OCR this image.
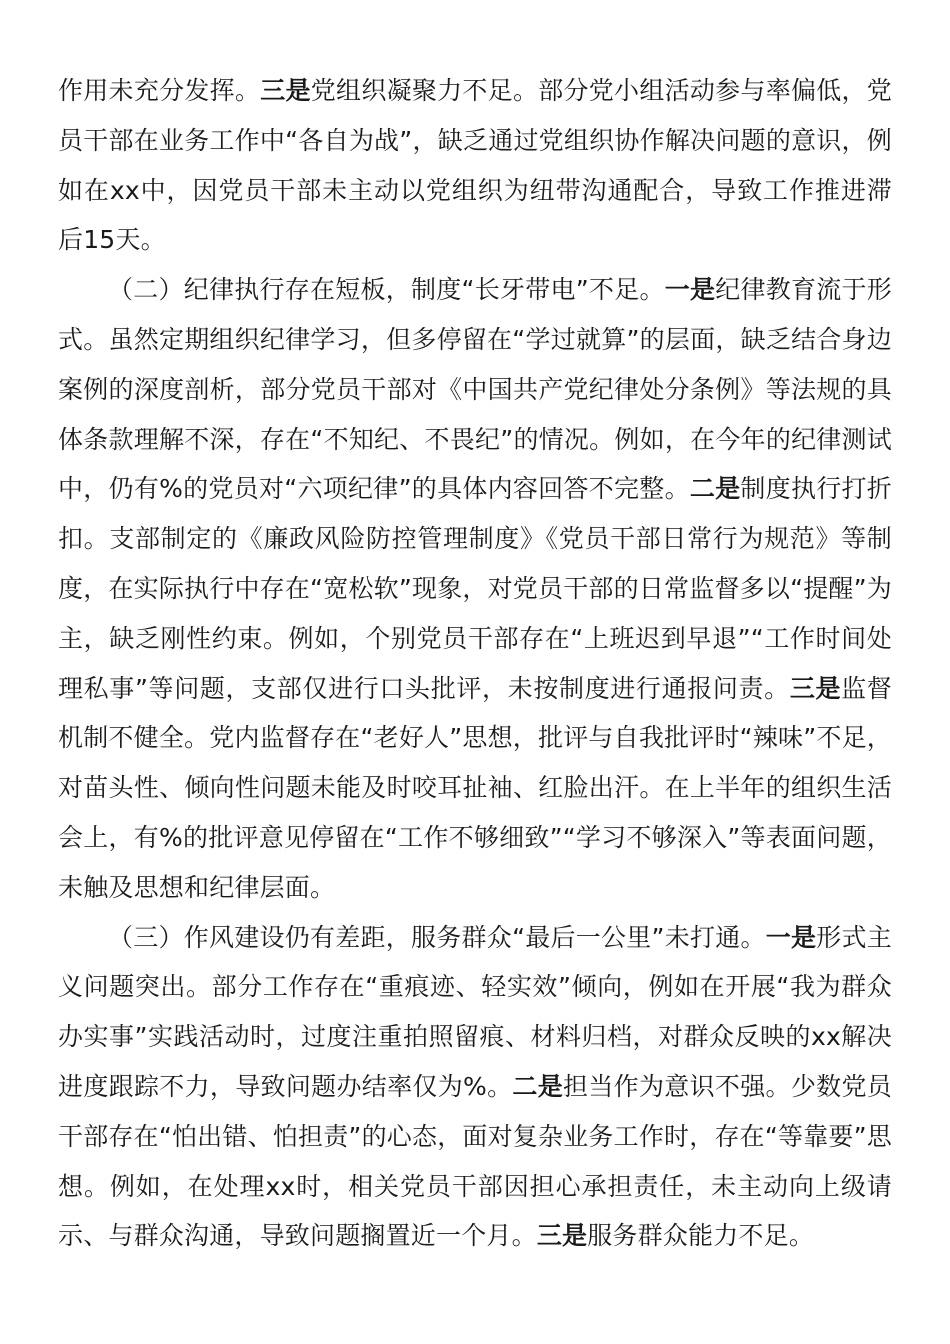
作用未充分发挥。三是党组织凝聚力不足。部分党小组活动参与率偏低，党员干部在业务工作中“各自为战”，缺乏通过党组织协作解决问题的意识，例如在xx中，因党员干部未主动以党组织为纽带沟通配合，导致工作推进滞后15天。

（二）纪律执行存在短板，制度“长牙带电”不足。一是纪律教育流于形式。虽然定期组织纪律学习，但多停留在“学过就算”的层面，缺乏结合身边案例的深度剖析，部分党员干部对《中国共产党纪律处分条例》等法规的具体条款理解不深，存在“不知纪、不畏纪”的情况。例如，在今年的纪律测试中，仍有%的党员对“六项纪律”的具体内容回答不完整。二是制度执行打折扣。支部制定的《廉政风险防控管理制度》《党员干部日常行为规范》等制度，在实际执行中存在“宽松软”现象，对党员干部的日常监督多以“提醒”为主，缺乏刚性约束。例如，个别党员干部存在“上班迟到早退”“工作时间处理私事”等问题，支部仅进行口头批评，未按制度进行通报问责。三是监督机制不健全。党内监督存在“老好人”思想，批评与自我批评时“辣味”不足，对苗头性、倾向性问题未能及时咬耳扯袖、红脸出汗。在上半年的组织生活会上，有%的批评意见停留在“工作不够细致”“学习不够深入”等表面问题，未触及思想和纪律层面。

（三）作风建设仍有差距，服务群众“最后一公里”未打通。一是形式主义问题突出。部分工作存在“重痕迹、轻实效”倾向，例如在开展“我为群众办实事”实践活动时，过度注重拍照留痕、材料归档，对群众反映的xx解决进度跟踪不力，导致问题办结率仅为%。二是担当作为意识不强。少数党员干部存在“怕出错、怕担责”的心态，面对复杂业务工作时，存在“等靠要”思想。例如，在处理xx时，相关党员干部因担心承担责任，未主动向上级请示、与群众沟通，导致问题搁置近一个月。三是服务群众能力不足。
